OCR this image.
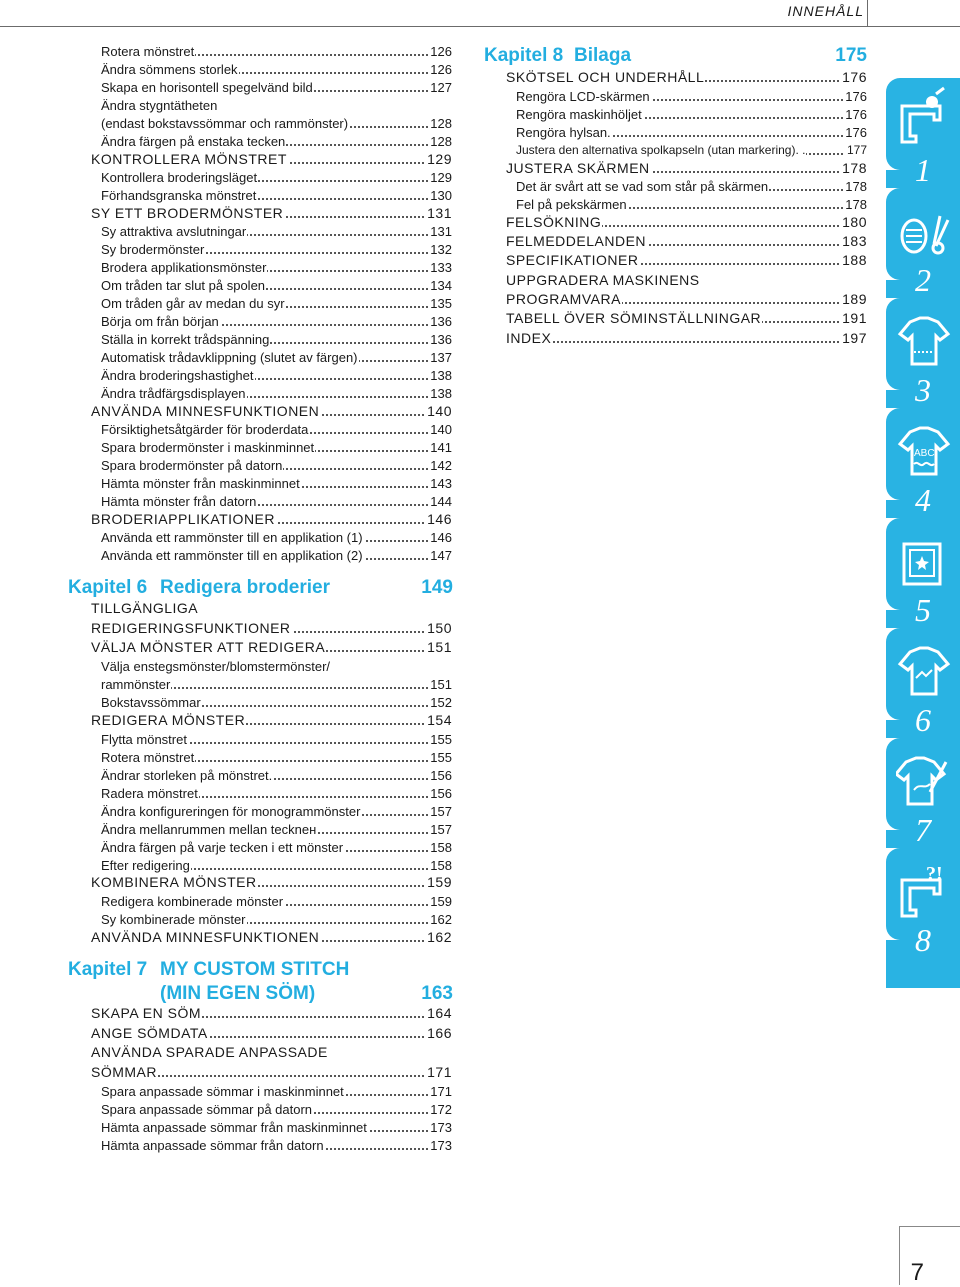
INNEHÅLL
Rotera mönstret	126
Ändra sömmens storlek	126
Skapa en horisontell spegelvänd bild	127
Ändra stygntätheten
(endast bokstavssömmar och rammönster)	128
Ändra färgen på enstaka tecken	128
KONTROLLERA MÖNSTRET	129
Kontrollera broderingsläget	129
Förhandsgranska mönstret	130
SY ETT BRODERMÖNSTER	131
Sy attraktiva avslutningar	131
Sy brodermönster	132
Brodera applikationsmönster	133
Om tråden tar slut på spolen	134
Om tråden går av medan du syr	135
Börja om från början	136
Ställa in korrekt trådspänning	136
Automatisk trådavklippning (slutet av färgen)	137
Ändra broderingshastighet	138
Ändra trådfärgsdisplayen	138
ANVÄNDA MINNESFUNKTIONEN	140
Försiktighetsåtgärder för broderdata	140
Spara brodermönster i maskinminnet	141
Spara brodermönster på datorn	142
Hämta mönster från maskinminnet	143
Hämta mönster från datorn	144
BRODERIAPPLIKATIONER	146
Använda ett rammönster till en applikation (1)	146
Använda ett rammönster till en applikation (2)	147
Kapitel 6 Redigera broderier	149
TILLGÄNGLIGA
REDIGERINGSFUNKTIONER	150
VÄLJA MÖNSTER ATT REDIGERA	151
Välja enstegsmönster/blomstermönster/
rammönster	151
Bokstavssömmar	152
REDIGERA MÖNSTER	154
Flytta mönstret	155
Rotera mönstret	155
Ändrar storleken på mönstret.	156
Radera mönstret	156
Ändra konfigureringen för monogrammönster	157
Ändra mellanrummen mellan teckneн	157
Ändra färgen på varje tecken i ett mönster	158
Efter redigering	158
KOMBINERA MÖNSTER	159
Redigera kombinerade mönster	159
Sy kombinerade mönster	162
ANVÄNDA MINNESFUNKTIONEN	162
Kapitel 7 MY CUSTOM STITCH
(MIN EGEN SÖM)	163
SKAPA EN SÖM	164
ANGE SÖMDATA	166
ANVÄNDA SPARADE ANPASSADE
SÖMMAR	171
Spara anpassade sömmar i maskinminnet	171
Spara anpassade sömmar på datorn	172
Hämta anpassade sömmar från maskinminnet	173
Hämta anpassade sömmar från datorn	173
Kapitel 8 Bilaga	175
SKÖTSEL OCH UNDERHÅLL	176
Rengöra LCD-skärmen	176
Rengöra maskinhöljet	176
Rengöra hylsan.	176
Justera den alternativa spolkapseln (utan markering). .	177
JUSTERA SKÄRMEN	178
Det är svårt att se vad som står på skärmen	178
Fel på pekskärmen	178
FELSÖKNING	180
FELMEDDELANDEN	183
SPECIFIKATIONER	188
UPPGRADERA MASKINENS
PROGRAMVARA	189
TABELL ÖVER SÖMINSTÄLLNINGAR	191
INDEX	197
1
2
3
ABC
4
5
6
7
?!
8
7
